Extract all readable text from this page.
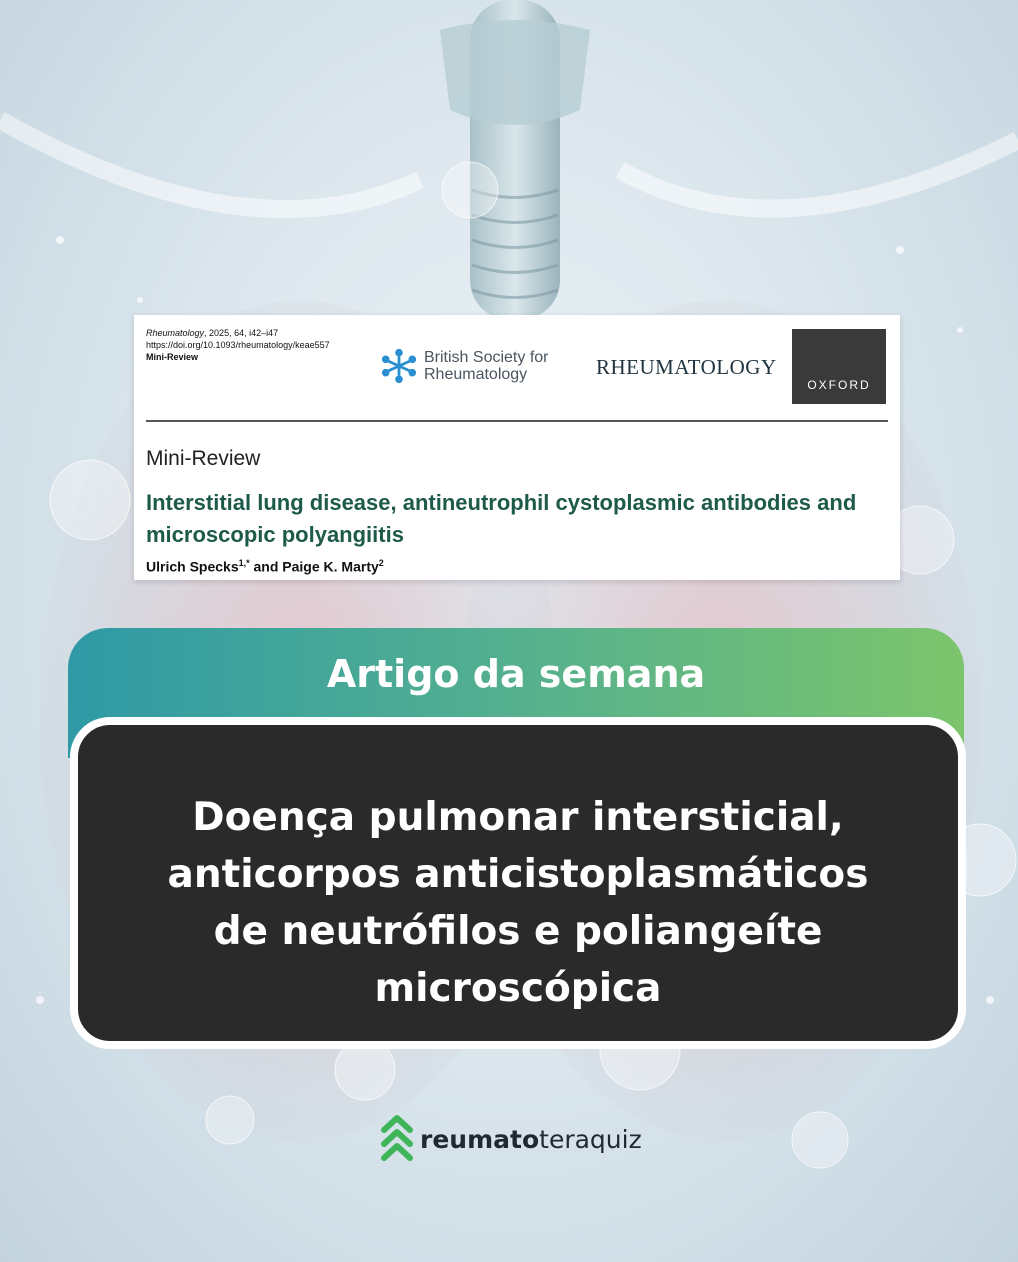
Rheumatology, 2025, 64, i42–i47
https://doi.org/10.1093/rheumatology/keae557
Mini-Review	British Society for
Rheumatology	RHEUMATOLOGY
OXFORD
Mini-Review
Interstitial lung disease, antineutrophil cystoplasmic antibodies and microscopic polyangiitis
Ulrich Specks$^{1,*}$ and Paige K. Marty$^2$
Artigo da semana
Doença pulmonar intersticial,
anticorpos anticistoplasmáticos
de neutrófilos e poliangeíte
microscópica
reumato teraquiz
